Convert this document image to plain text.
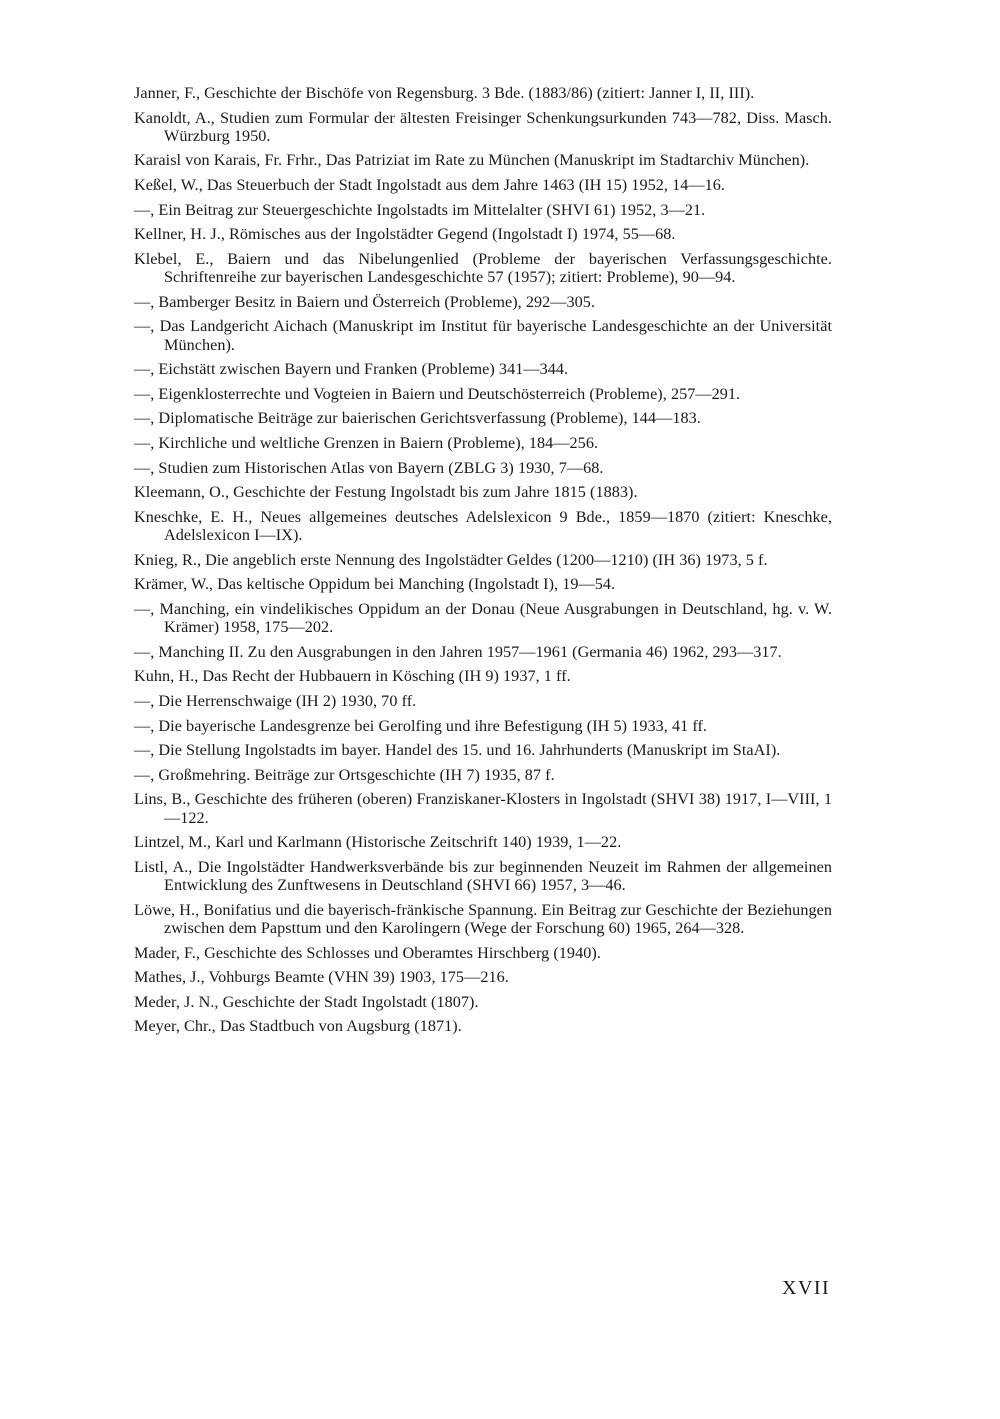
Janner, F., Geschichte der Bischöfe von Regensburg. 3 Bde. (1883/86) (zitiert: Janner I, II, III).

Kanoldt, A., Studien zum Formular der ältesten Freisinger Schenkungsurkunden 743—782, Diss. Masch. Würzburg 1950.

Karaisl von Karais, Fr. Frhr., Das Patriziat im Rate zu München (Manuskript im Stadtarchiv München).

Keßel, W., Das Steuerbuch der Stadt Ingolstadt aus dem Jahre 1463 (IH 15) 1952, 14—16.

—, Ein Beitrag zur Steuergeschichte Ingolstadts im Mittelalter (SHVI 61) 1952, 3—21.

Kellner, H. J., Römisches aus der Ingolstädter Gegend (Ingolstadt I) 1974, 55—68.

Klebel, E., Baiern und das Nibelungenlied (Probleme der bayerischen Verfassungsgeschichte. Schriftenreihe zur bayerischen Landesgeschichte 57 (1957); zitiert: Probleme), 90—94.

—, Bamberger Besitz in Baiern und Österreich (Probleme), 292—305.

—, Das Landgericht Aichach (Manuskript im Institut für bayerische Landesgeschichte an der Universität München).

—, Eichstätt zwischen Bayern und Franken (Probleme) 341—344.

—, Eigenklosterrechte und Vogteien in Baiern und Deutschösterreich (Probleme), 257—291.

—, Diplomatische Beiträge zur baierischen Gerichtsverfassung (Probleme), 144—183.

—, Kirchliche und weltliche Grenzen in Baiern (Probleme), 184—256.

—, Studien zum Historischen Atlas von Bayern (ZBLG 3) 1930, 7—68.

Kleemann, O., Geschichte der Festung Ingolstadt bis zum Jahre 1815 (1883).

Kneschke, E. H., Neues allgemeines deutsches Adelslexicon 9 Bde., 1859—1870 (zitiert: Kneschke, Adelslexicon I—IX).

Knieg, R., Die angeblich erste Nennung des Ingolstädter Geldes (1200—1210) (IH 36) 1973, 5 f.

Krämer, W., Das keltische Oppidum bei Manching (Ingolstadt I), 19—54.

—, Manching, ein vindelikisches Oppidum an der Donau (Neue Ausgrabungen in Deutschland, hg. v. W. Krämer) 1958, 175—202.

—, Manching II. Zu den Ausgrabungen in den Jahren 1957—1961 (Germania 46) 1962, 293—317.

Kuhn, H., Das Recht der Hubbauern in Kösching (IH 9) 1937, 1 ff.

—, Die Herrenschwaige (IH 2) 1930, 70 ff.

—, Die bayerische Landesgrenze bei Gerolfing und ihre Befestigung (IH 5) 1933, 41 ff.

—, Die Stellung Ingolstadts im bayer. Handel des 15. und 16. Jahrhunderts (Manuskript im StaAI).

—, Großmehring. Beiträge zur Ortsgeschichte (IH 7) 1935, 87 f.

Lins, B., Geschichte des früheren (oberen) Franziskaner-Klosters in Ingolstadt (SHVI 38) 1917, I—VIII, 1—122.

Lintzel, M., Karl und Karlmann (Historische Zeitschrift 140) 1939, 1—22.

Listl, A., Die Ingolstädter Handwerksverbände bis zur beginnenden Neuzeit im Rahmen der allgemeinen Entwicklung des Zunftwesens in Deutschland (SHVI 66) 1957, 3—46.

Löwe, H., Bonifatius und die bayerisch-fränkische Spannung. Ein Beitrag zur Geschichte der Beziehungen zwischen dem Papsttum und den Karolingern (Wege der Forschung 60) 1965, 264—328.

Mader, F., Geschichte des Schlosses und Oberamtes Hirschberg (1940).

Mathes, J., Vohburgs Beamte (VHN 39) 1903, 175—216.

Meder, J. N., Geschichte der Stadt Ingolstadt (1807).

Meyer, Chr., Das Stadtbuch von Augsburg (1871).

XVII
